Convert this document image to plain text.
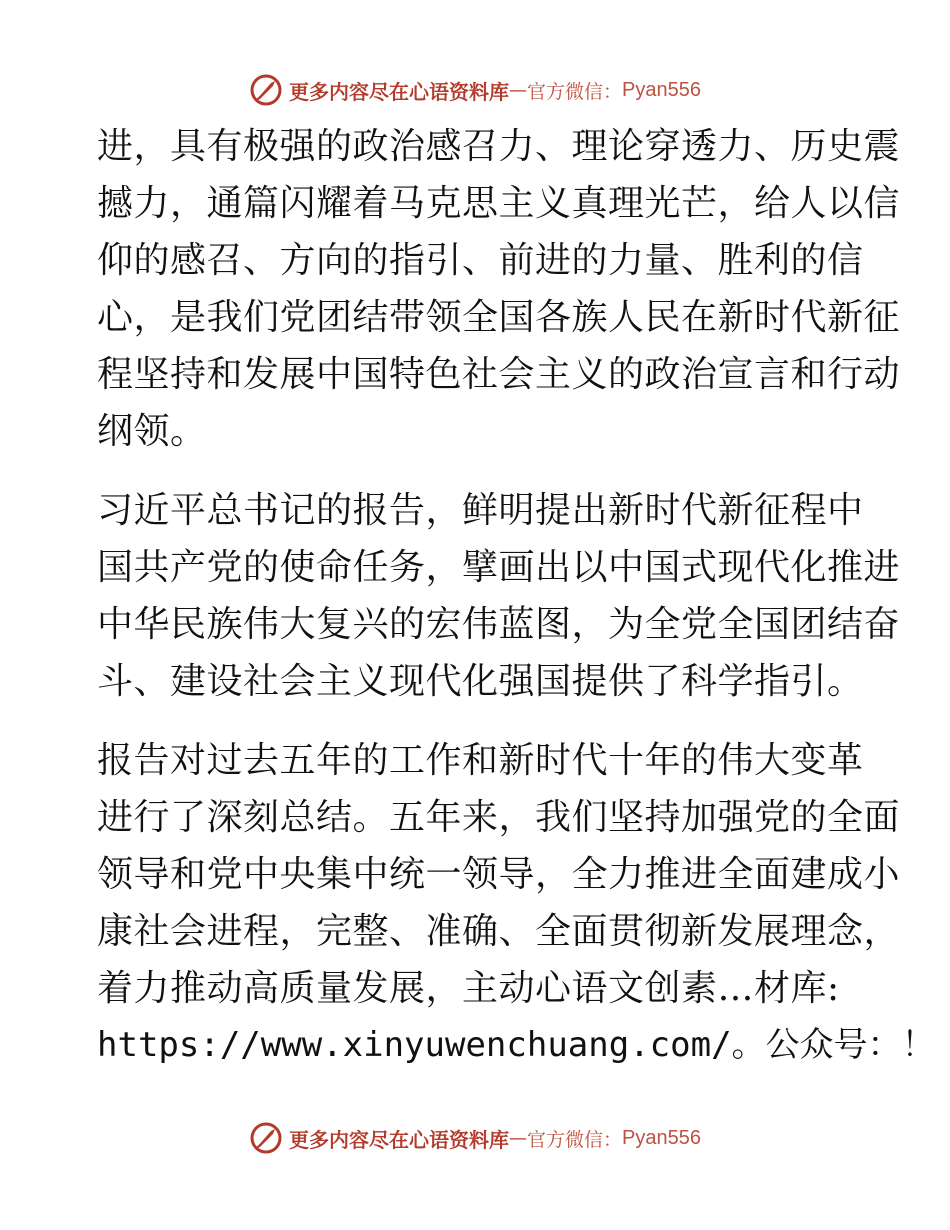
更多内容尽在心语资料库 — 官方微信： Pyan556
进，具有极强的政治感召力、理论穿透力、历史震
撼力，通篇闪耀着马克思主义真理光芒，给人以信
仰的感召、方向的指引、前进的力量、胜利的信
心，是我们党团结带领全国各族人民在新时代新征
程坚持和发展中国特色社会主义的政治宣言和行动
纲领。
习近平总书记的报告，鲜明提出新时代新征程中
国共产党的使命任务，擘画出以中国式现代化推进
中华民族伟大复兴的宏伟蓝图，为全党全国团结奋
斗、建设社会主义现代化强国提供了科学指引。
报告对过去五年的工作和新时代十年的伟大变革
进行了深刻总结。五年来，我们坚持加强党的全面
领导和党中央集中统一领导，全力推进全面建成小
康社会进程，完整、准确、全面贯彻新发展理念，
着力推动高质量发展，主动心语文创素…材库:
https://www.xinyuwenchuang.com/。公众号：！
更多内容尽在心语资料库 — 官方微信： Pyan556
